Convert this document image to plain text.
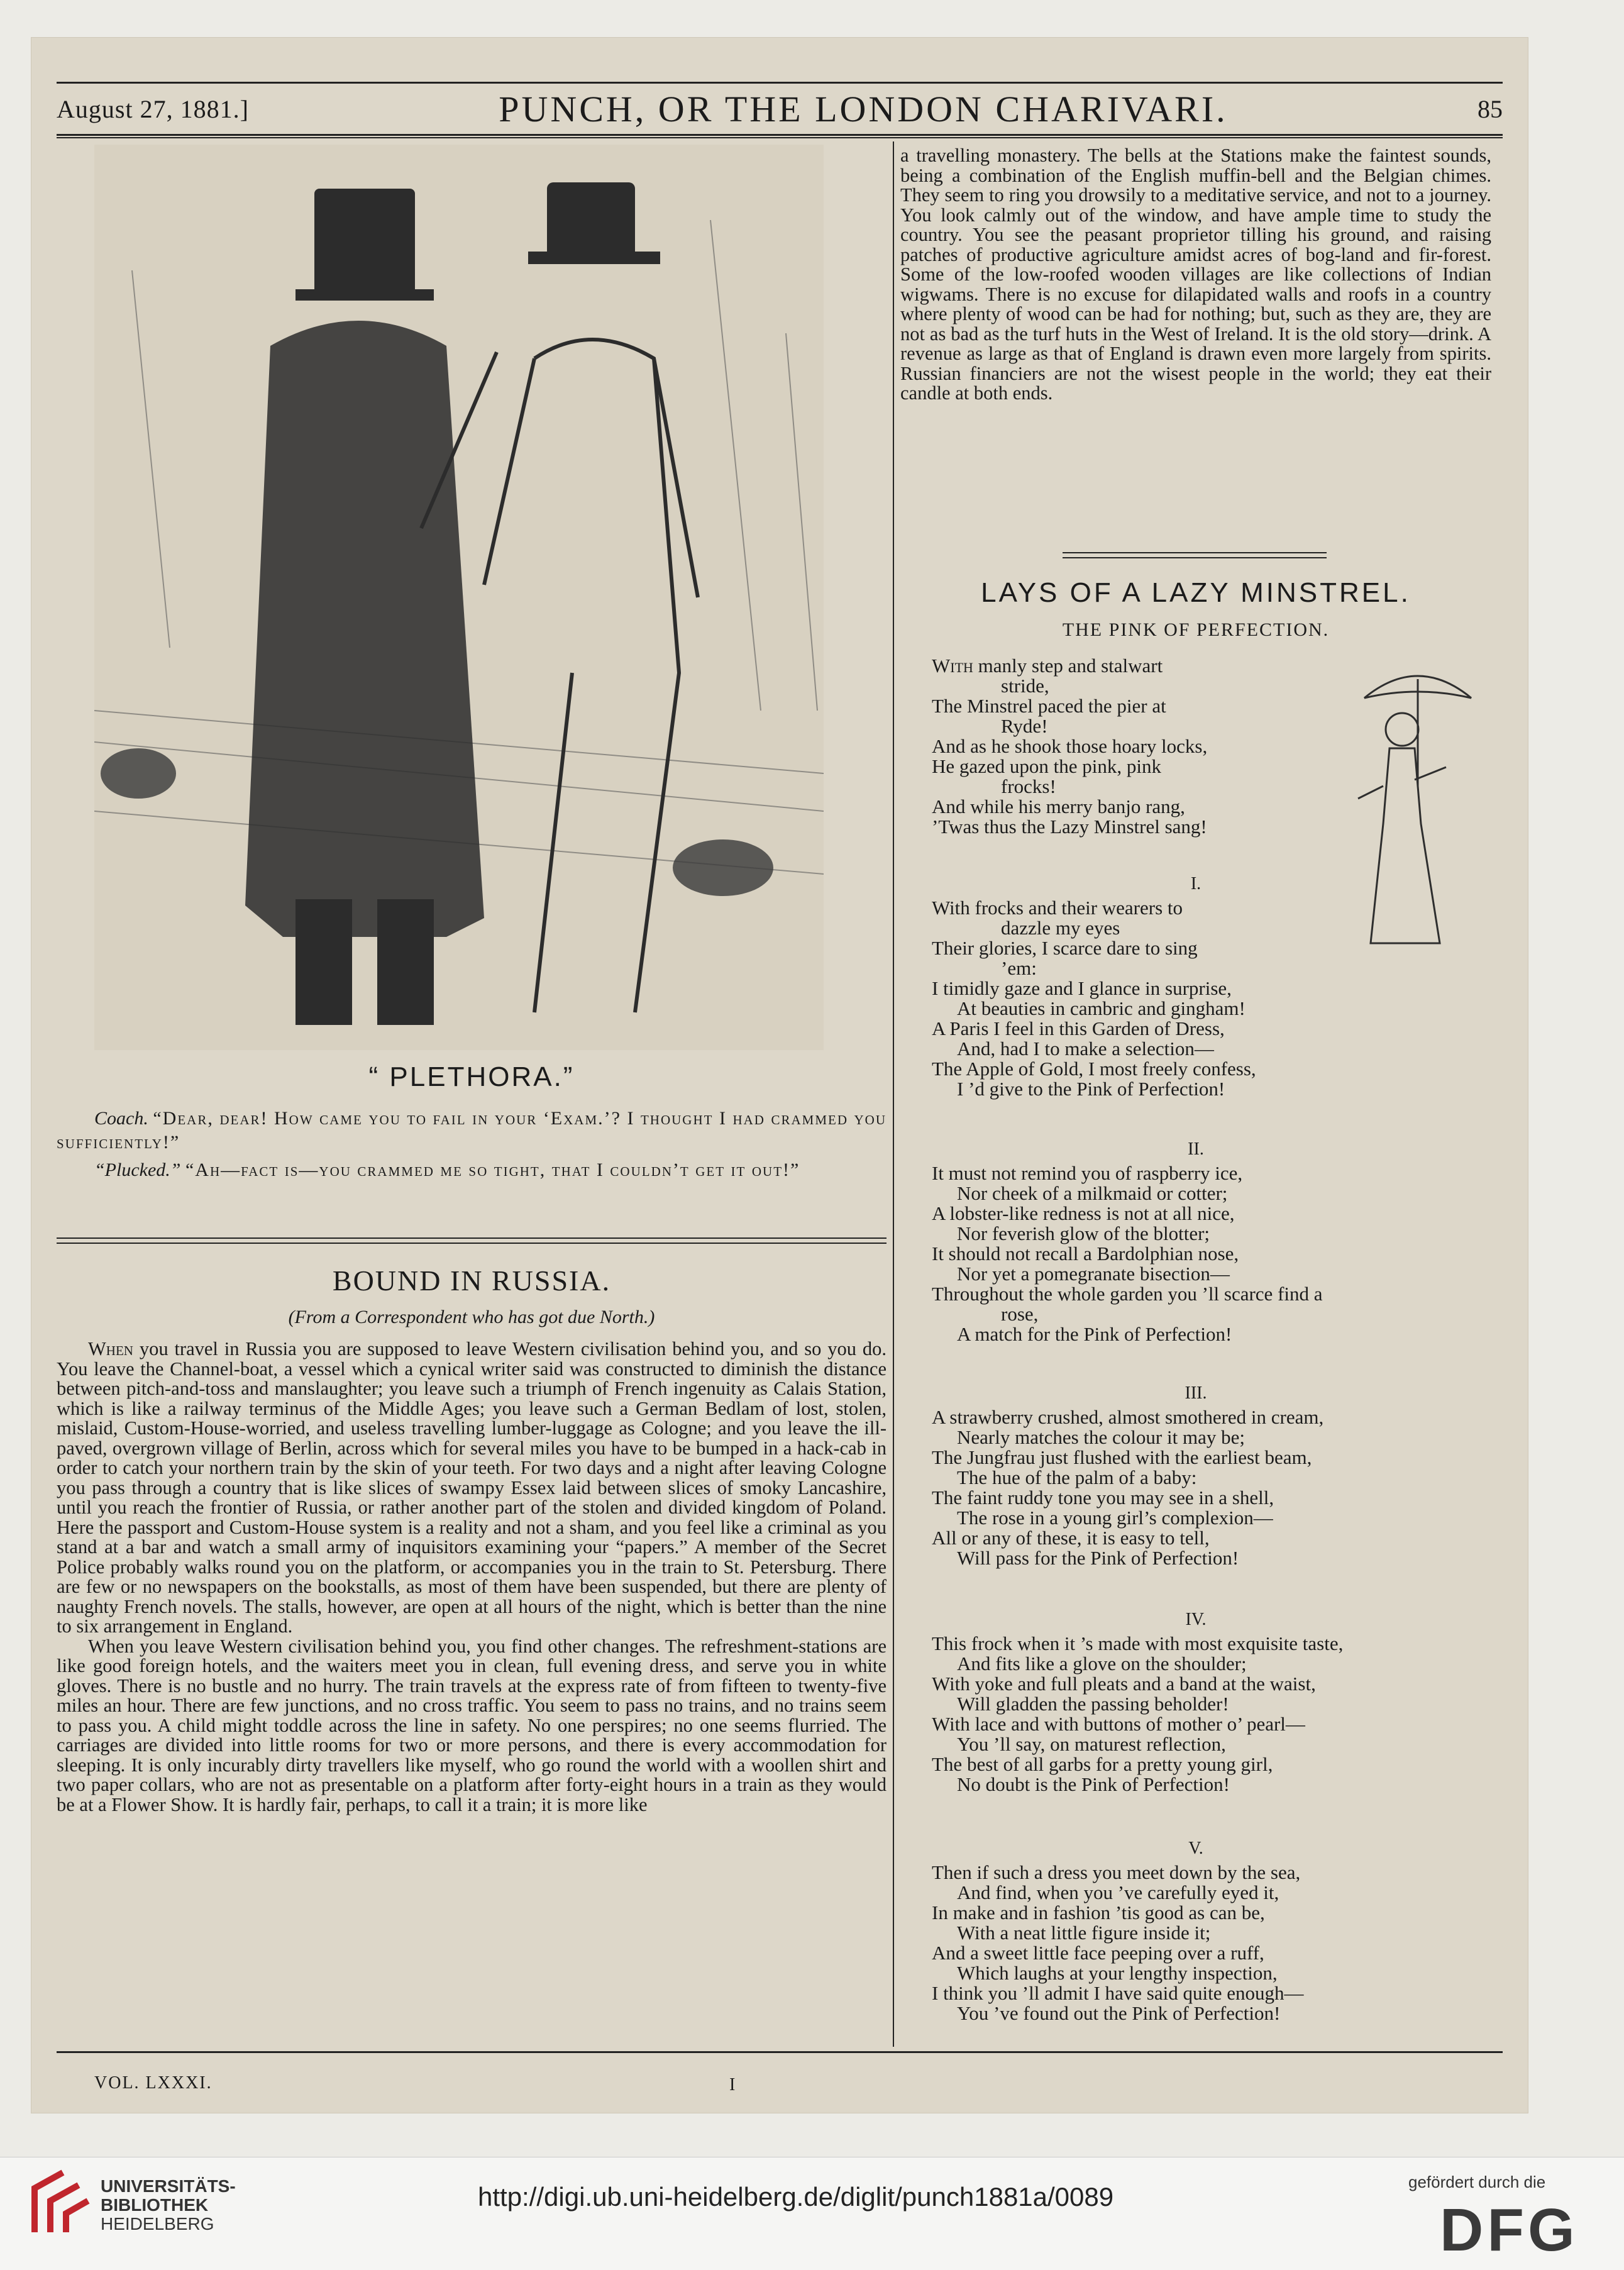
August 27, 1881.]	PUNCH, OR THE LONDON CHARIVARI.	85
“ PLETHORA.”

Coach. “Dear, dear! How came you to fail in your ‘Exam.’? I thought I had crammed you sufficiently!”

“Plucked.” “Ah—fact is—you crammed me so tight, that I couldn’t get it out!”

BOUND IN RUSSIA.
(From a Correspondent who has got due North.)

When you travel in Russia you are supposed to leave Western civilisation behind you, and so you do. You leave the Channel-boat, a vessel which a cynical writer said was constructed to diminish the distance between pitch-and-toss and manslaughter; you leave such a triumph of French ingenuity as Calais Station, which is like a railway terminus of the Middle Ages; you leave such a German Bedlam of lost, stolen, mislaid, Custom-House-worried, and useless travelling lumber-luggage as Cologne; and you leave the ill-paved, overgrown village of Berlin, across which for several miles you have to be bumped in a hack-cab in order to catch your northern train by the skin of your teeth. For two days and a night after leaving Cologne you pass through a country that is like slices of swampy Essex laid between slices of smoky Lancashire, until you reach the frontier of Russia, or rather another part of the stolen and divided kingdom of Poland. Here the passport and Custom-House system is a reality and not a sham, and you feel like a criminal as you stand at a bar and watch a small army of inquisitors examining your “papers.” A member of the Secret Police probably walks round you on the platform, or accompanies you in the train to St. Petersburg. There are few or no newspapers on the bookstalls, as most of them have been suspended, but there are plenty of naughty French novels. The stalls, however, are open at all hours of the night, which is better than the nine to six arrangement in England.

When you leave Western civilisation behind you, you find other changes. The refreshment-stations are like good foreign hotels, and the waiters meet you in clean, full evening dress, and serve you in white gloves. There is no bustle and no hurry. The train travels at the express rate of from fifteen to twenty-five miles an hour. There are few junctions, and no cross traffic. You seem to pass no trains, and no trains seem to pass you. A child might toddle across the line in safety. No one perspires; no one seems flurried. The carriages are divided into little rooms for two or more persons, and there is every accommodation for sleeping. It is only incurably dirty travellers like myself, who go round the world with a woollen shirt and two paper collars, who are not as presentable on a platform after forty-eight hours in a train as they would be at a Flower Show. It is hardly fair, perhaps, to call it a train; it is more like

a travelling monastery. The bells at the Stations make the faintest sounds, being a combination of the English muffin-bell and the Belgian chimes. They seem to ring you drowsily to a meditative service, and not to a journey. You look calmly out of the window, and have ample time to study the country. You see the peasant proprietor tilling his ground, and raising patches of productive agriculture amidst acres of bog-land and fir-forest. Some of the low-roofed wooden villages are like collections of Indian wigwams. There is no excuse for dilapidated walls and roofs in a country where plenty of wood can be had for nothing; but, such as they are, they are not as bad as the turf huts in the West of Ireland. It is the old story—drink. A revenue as large as that of England is drawn even more largely from spirits. Russian financiers are not the wisest people in the world; they eat their candle at both ends.

LAYS OF A LAZY MINSTREL.
THE PINK OF PERFECTION.
With manly step and stalwart
stride,
The Minstrel paced the pier at
Ryde!
And as he shook those hoary locks,
He gazed upon the pink, pink
frocks!
And while his merry banjo rang,
’Twas thus the Lazy Minstrel sang!
I.
With frocks and their wearers to
dazzle my eyes
Their glories, I scarce dare to sing
’em:
I timidly gaze and I glance in surprise,
At beauties in cambric and gingham!
A Paris I feel in this Garden of Dress,
And, had I to make a selection—
The Apple of Gold, I most freely confess,
I ’d give to the Pink of Perfection!
II.
It must not remind you of raspberry ice,
Nor cheek of a milkmaid or cotter;
A lobster-like redness is not at all nice,
Nor feverish glow of the blotter;
It should not recall a Bardolphian nose,
Nor yet a pomegranate bisection—
Throughout the whole garden you ’ll scarce find a
rose,
A match for the Pink of Perfection!
III.
A strawberry crushed, almost smothered in cream,
Nearly matches the colour it may be;
The Jungfrau just flushed with the earliest beam,
The hue of the palm of a baby:
The faint ruddy tone you may see in a shell,
The rose in a young girl’s complexion—
All or any of these, it is easy to tell,
Will pass for the Pink of Perfection!
IV.
This frock when it ’s made with most exquisite taste,
And fits like a glove on the shoulder;
With yoke and full pleats and a band at the waist,
Will gladden the passing beholder!
With lace and with buttons of mother o’ pearl—
You ’ll say, on maturest reflection,
The best of all garbs for a pretty young girl,
No doubt is the Pink of Perfection!
V.
Then if such a dress you meet down by the sea,
And find, when you ’ve carefully eyed it,
In make and in fashion ’tis good as can be,
With a neat little figure inside it;
And a sweet little face peeping over a ruff,
Which laughs at your lengthy inspection,
I think you ’ll admit I have said quite enough—
You ’ve found out the Pink of Perfection!
VOL. LXXXI.	I
UNIVERSITÄTS-
BIBLIOTHEK
HEIDELBERG
http://digi.ub.uni-heidelberg.de/diglit/punch1881a/0089	gefördert durch die
DFG
